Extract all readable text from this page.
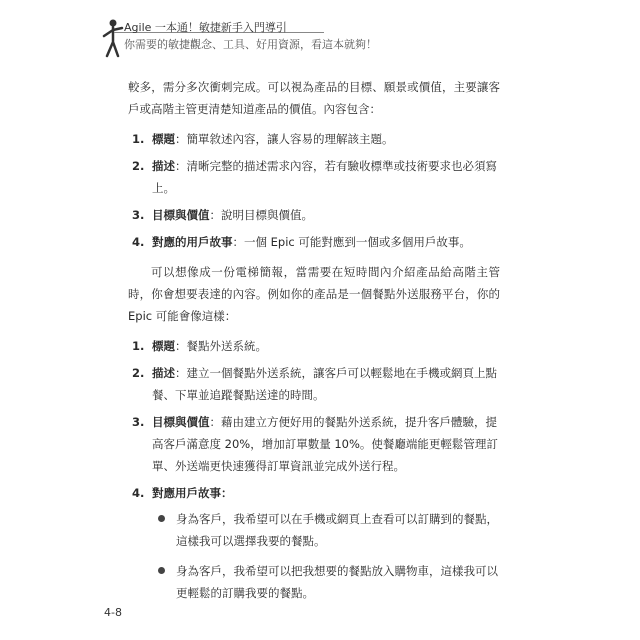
Agile 一本通！敏捷新手入門導引
你需要的敏捷觀念、工具、好用資源，看這本就夠！

較多，需分多次衝刺完成。可以視為產品的目標、願景或價值，主要讓客戶或高階主管更清楚知道產品的價值。內容包含：

1. 標題：簡單敘述內容，讓人容易的理解該主題。
2. 描述：清晰完整的描述需求內容，若有驗收標準或技術要求也必須寫上。
3. 目標與價值：說明目標與價值。
4. 對應的用戶故事：一個 Epic 可能對應到一個或多個用戶故事。

可以想像成一份電梯簡報，當需要在短時間內介紹產品給高階主管時，你會想要表達的內容。例如你的產品是一個餐點外送服務平台，你的 Epic 可能會像這樣：

1. 標題：餐點外送系統。
2. 描述：建立一個餐點外送系統，讓客戶可以輕鬆地在手機或網頁上點餐、下單並追蹤餐點送達的時間。
3. 目標與價值：藉由建立方便好用的餐點外送系統，提升客戶體驗，提高客戶滿意度 20%，增加訂單數量 10%。使餐廳端能更輕鬆管理訂單、外送端更快速獲得訂單資訊並完成外送行程。
4. 對應用戶故事：
身為客戶，我希望可以在手機或網頁上查看可以訂購到的餐點，這樣我可以選擇我要的餐點。
身為客戶，我希望可以把我想要的餐點放入購物車，這樣我可以更輕鬆的訂購我要的餐點。
4-8
